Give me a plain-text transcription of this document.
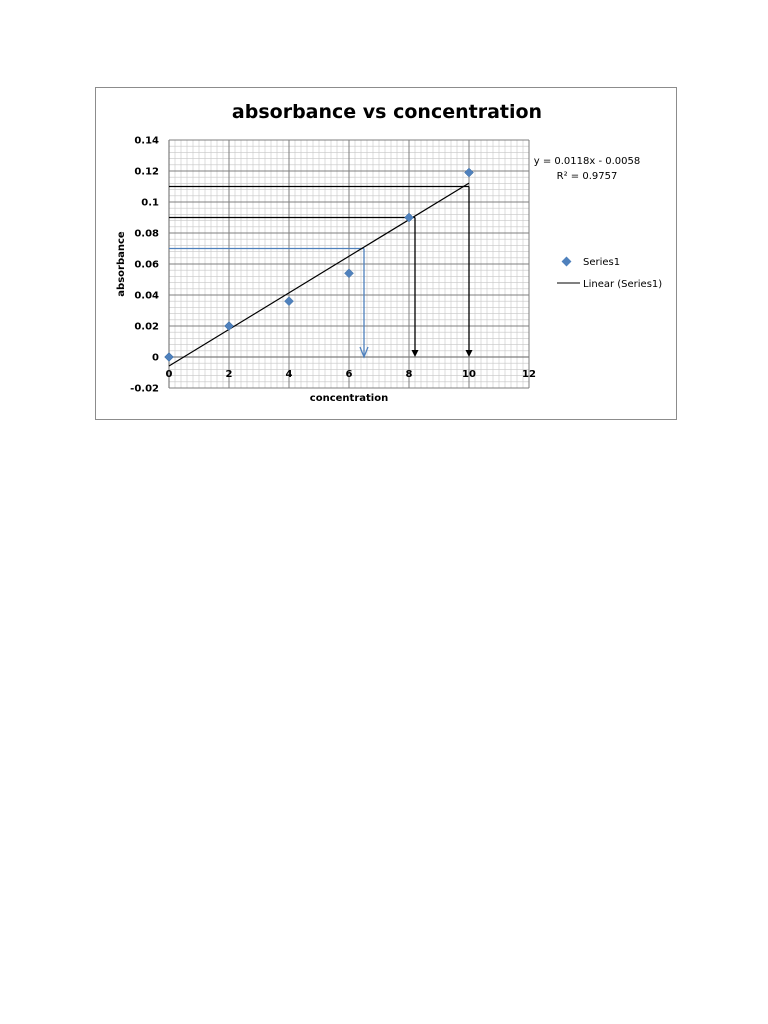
0.14
0.12
0.1
0.08
0.06
0.04
0.02
0
-0.02
0	2	4	6	8	10	12
absorbance vs concentration
concentration
absorbance
y = 0.0118x - 0.0058
R² = 0.9757
Series1
Linear (Series1)
